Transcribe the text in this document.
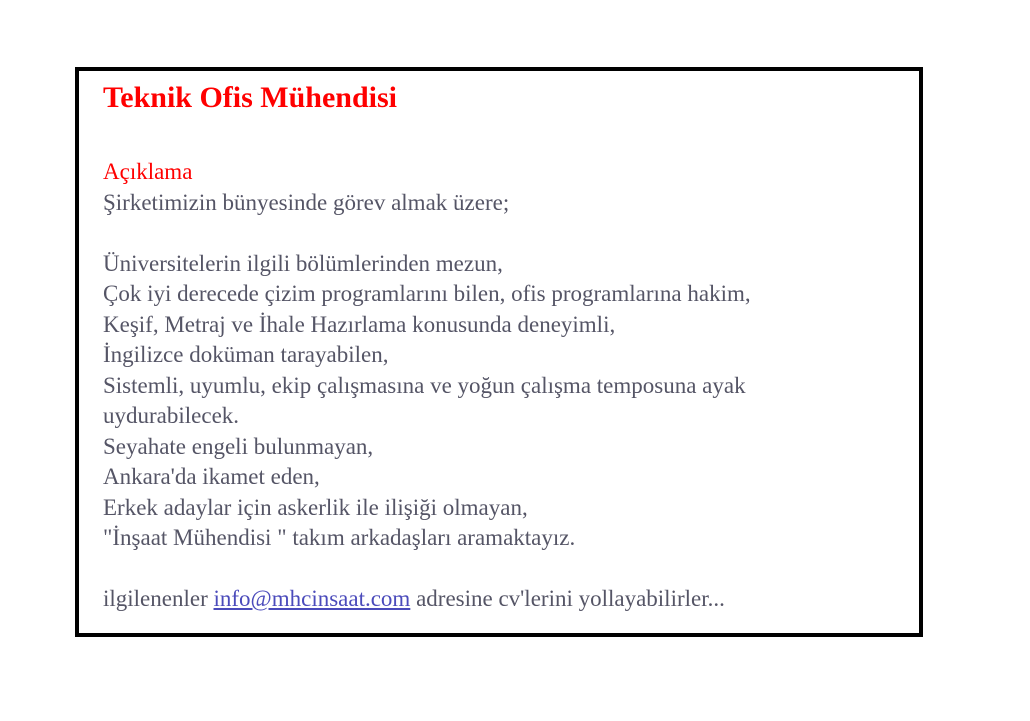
Teknik Ofis Mühendisi
Açıklama
Şirketimizin bünyesinde görev almak üzere;
Üniversitelerin ilgili bölümlerinden mezun,
Çok iyi derecede çizim programlarını bilen, ofis programlarına hakim,
Keşif, Metraj ve İhale Hazırlama konusunda deneyimli,
İngilizce doküman tarayabilen,
Sistemli, uyumlu, ekip çalışmasına ve yoğun çalışma temposuna ayak
uydurabilecek.
Seyahate engeli bulunmayan,
Ankara'da ikamet eden,
Erkek adaylar için askerlik ile ilişiği olmayan,
"İnşaat Mühendisi " takım arkadaşları aramaktayız.
ilgilenenler info@mhcinsaat.com adresine cv'lerini yollayabilirler...
